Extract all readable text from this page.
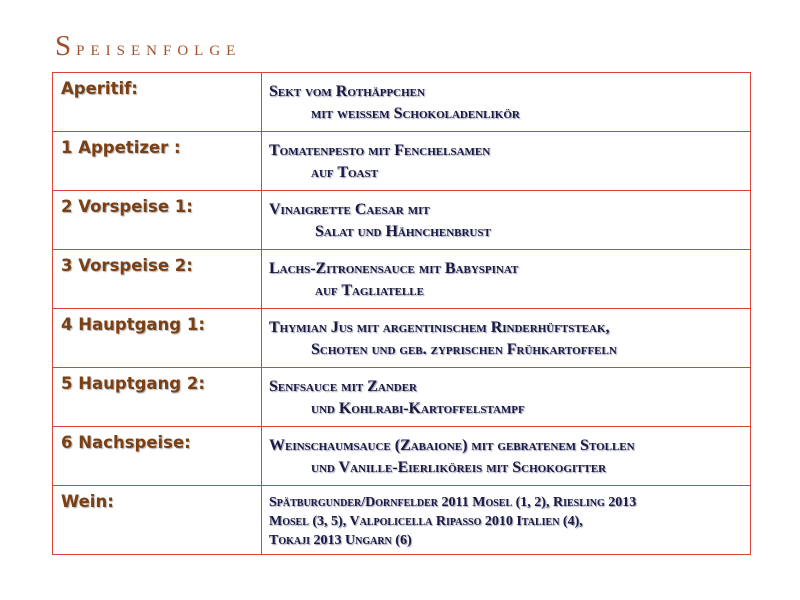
Speisenfolge
Aperitif:	Sekt vom Rothäppchen
mit weißem Schokoladenlikör

1 Appetizer :	Tomatenpesto mit Fenchelsamen
auf Toast

2 Vorspeise 1:	Vinaigrette Caesar mit
Salat und Hähnchenbrust

3 Vorspeise 2:	Lachs-Zitronensauce mit Babyspinat
auf Tagliatelle

4 Hauptgang 1:	Thymian Jus mit argentinischem Rinderhüftsteak,
Schoten und geb. zyprischen Frühkartoffeln

5 Hauptgang 2:	Senfsauce mit Zander
und Kohlrabi-Kartoffelstampf

6 Nachspeise:	Weinschaumsauce (Zabaione) mit gebratenem Stollen
und Vanille-Eierlikörеis mit Schokogitter

Wein:	Spätburgunder/Dornfelder 2011 Mosel (1, 2), Riesling 2013
Mosel (3, 5), Valpolicella Ripasso 2010 Italien (4),
Tokaji 2013 Ungarn (6)
